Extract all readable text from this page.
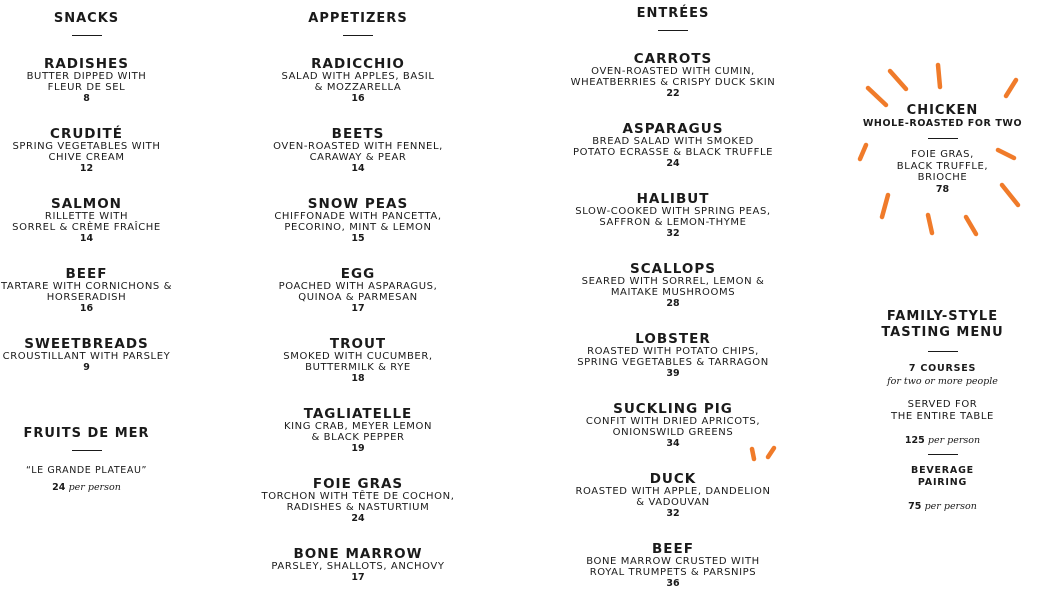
SNACKS
RADISHES
BUTTER DIPPED WITH
FLEUR DE SEL
8
CRUDITÉ
SPRING VEGETABLES WITH
CHIVE CREAM
12
SALMON
RILLETTE WITH
SORREL & CRÈME FRAÎCHE
14
BEEF
TARTARE WITH CORNICHONS &
HORSERADISH
16
SWEETBREADS
CROUSTILLANT WITH PARSLEY
9
FRUITS DE MER
“LE GRANDE PLATEAU”
24 per person
APPETIZERS
RADICCHIO
SALAD WITH APPLES, BASIL
& MOZZARELLA
16
BEETS
OVEN-ROASTED WITH FENNEL,
CARAWAY & PEAR
14
SNOW PEAS
CHIFFONADE WITH PANCETTA,
PECORINO, MINT & LEMON
15
EGG
POACHED WITH ASPARAGUS,
QUINOA & PARMESAN
17
TROUT
SMOKED WITH CUCUMBER,
BUTTERMILK & RYE
18
TAGLIATELLE
KING CRAB, MEYER LEMON
& BLACK PEPPER
19
FOIE GRAS
TORCHON WITH TÊTE DE COCHON,
RADISHES & NASTURTIUM
24
BONE MARROW
PARSLEY, SHALLOTS, ANCHOVY
17
ENTRÉES
CARROTS
OVEN-ROASTED WITH CUMIN,
WHEATBERRIES & CRISPY DUCK SKIN
22
ASPARAGUS
BREAD SALAD WITH SMOKED
POTATO ECRASSE & BLACK TRUFFLE
24
HALIBUT
SLOW-COOKED WITH SPRING PEAS,
SAFFRON & LEMON-THYME
32
SCALLOPS
SEARED WITH SORREL, LEMON &
MAITAKE MUSHROOMS
28
LOBSTER
ROASTED WITH POTATO CHIPS,
SPRING VEGETABLES & TARRAGON
39
SUCKLING PIG
CONFIT WITH DRIED APRICOTS,
ONIONSWILD GREENS
34
DUCK
ROASTED WITH APPLE, DANDELION
& VADOUVAN
32
BEEF
BONE MARROW CRUSTED WITH
ROYAL TRUMPETS & PARSNIPS
36
CHICKEN
WHOLE-ROASTED FOR TWO
FOIE GRAS,
BLACK TRUFFLE,
BRIOCHE
78
FAMILY-STYLE
TASTING MENU
7 COURSES
for two or more people
SERVED FOR
THE ENTIRE TABLE
125 per person
BEVERAGE
PAIRING
75 per person
